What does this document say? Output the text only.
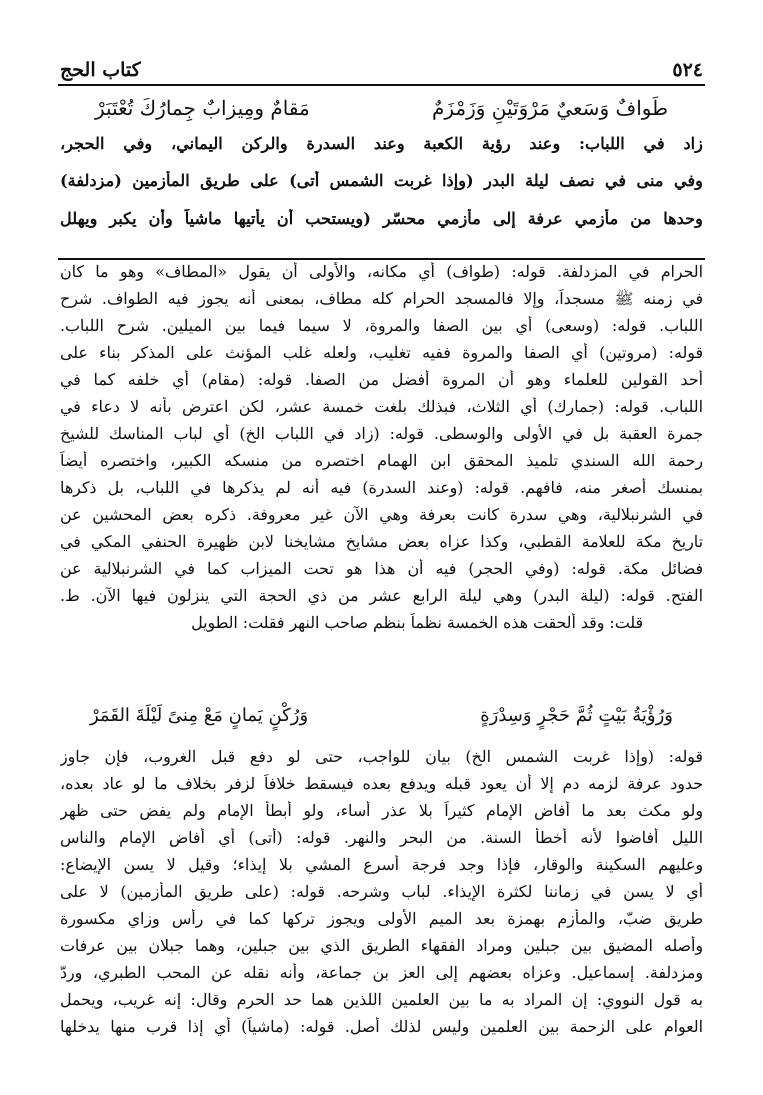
٥٢٤
كتاب الحج
طَوافٌ وَسَعيٌ مَرْوَتَيْنِ وَزَمْزَمٌ
مَقامٌ ومِيزابٌ جِمارُكَ تُعْتَبَرْ
زاد في اللباب: وعند رؤية الكعبة وعند السدرة والركن اليماني، وفي الحجر،
وفي منى في نصف ليلة البدر (وإذا غربت الشمس أتى) على طريق المأزمين (مزدلفة)
وحدها من مأزمي عرفة إلى مأزمي محسّر (ويستحب أن يأتيها ماشياً وأن يكبر ويهلل
الحرام في المزدلفة. قوله: (طواف) أي مكانه، والأولى أن يقول «المطاف» وهو ما كان
في زمنه ﷺ مسجداً، وإلا فالمسجد الحرام كله مطاف، بمعنى أنه يجوز فيه الطواف. شرح
اللباب. قوله: (وسعى) أي بين الصفا والمروة، لا سيما فيما بين الميلين. شرح اللباب.
قوله: (مروتين) أي الصفا والمروة ففيه تغليب، ولعله غلب المؤنث على المذكر بناء على
أحد القولين للعلماء وهو أن المروة أفضل من الصفا. قوله: (مقام) أي خلفه كما في
اللباب. قوله: (جمارك) أي الثلاث، فبذلك بلغت خمسة عشر، لكن اعترض بأنه لا دعاء في
جمرة العقبة بل في الأولى والوسطى. قوله: (زاد في اللباب الخ) أي لباب المناسك للشيخ
رحمة الله السندي تلميذ المحقق ابن الهمام اختصره من منسكه الكبير، واختصره أيضاً
بمنسك أصغر منه، فافهم. قوله: (وعند السدرة) فيه أنه لم يذكرها في اللباب، بل ذكرها
في الشرنبلالية، وهي سدرة كانت بعرفة وهي الآن غير معروفة. ذكره بعض المحشين عن
تاريخ مكة للعلامة القطبي، وكذا عزاه بعض مشايخ مشايخنا لابن ظهيرة الحنفي المكي في
فضائل مكة. قوله: (وفي الحجر) فيه أن هذا هو تحت الميزاب كما في الشرنبلالية عن
الفتح. قوله: (ليلة البدر) وهي ليلة الرابع عشر من ذي الحجة التي ينزلون فيها الآن. ط.
قلت: وقد ألحقت هذه الخمسة نظماً بنظم صاحب النهر فقلت: الطويل
وَرُؤْيَةُ بَيْتٍ ثُمَّ حَجْرٍ وَسِدْرَةٍ
وَرُكْنٍ يَمانٍ مَعْ مِنىً لَيْلَةَ القَمَرْ
قوله: (وإذا غربت الشمس الخ) بيان للواجب، حتى لو دفع قبل الغروب، فإن جاوز
حدود عرفة لزمه دم إلا أن يعود قبله ويدفع بعده فيسقط خلافاً لزفر بخلاف ما لو عاد بعده،
ولو مكث بعد ما أفاض الإمام كثيراً بلا عذر أساء، ولو أبطأ الإمام ولم يفض حتى ظهر
الليل أفاضوا لأنه أخطأ السنة. من البحر والنهر. قوله: (أتى) أي أفاض الإمام والناس
وعليهم السكينة والوقار، فإذا وجد فرجة أسرع المشي بلا إيذاء؛ وقيل لا يسن الإيضاع:
أي لا يسن في زماننا لكثرة الإيذاء. لباب وشرحه. قوله: (على طريق المأزمين) لا على
طريق ضبّ، والمأزم بهمزة بعد الميم الأولى ويجوز تركها كما في رأس وزاي مكسورة
وأصله المضيق بين جبلين ومراد الفقهاء الطريق الذي بين جبلين، وهما جبلان بين عرفات
ومزدلفة. إسماعيل. وعزاه بعضهم إلى العز بن جماعة، وأنه نقله عن المحب الطبري، وردّ
به قول النووي: إن المراد به ما بين العلمين اللذين هما حد الحرم وقال: إنه غريب، ويحمل
العوام على الزحمة بين العلمين وليس لذلك أصل. قوله: (ماشياً) أي إذا قرب منها يدخلها
